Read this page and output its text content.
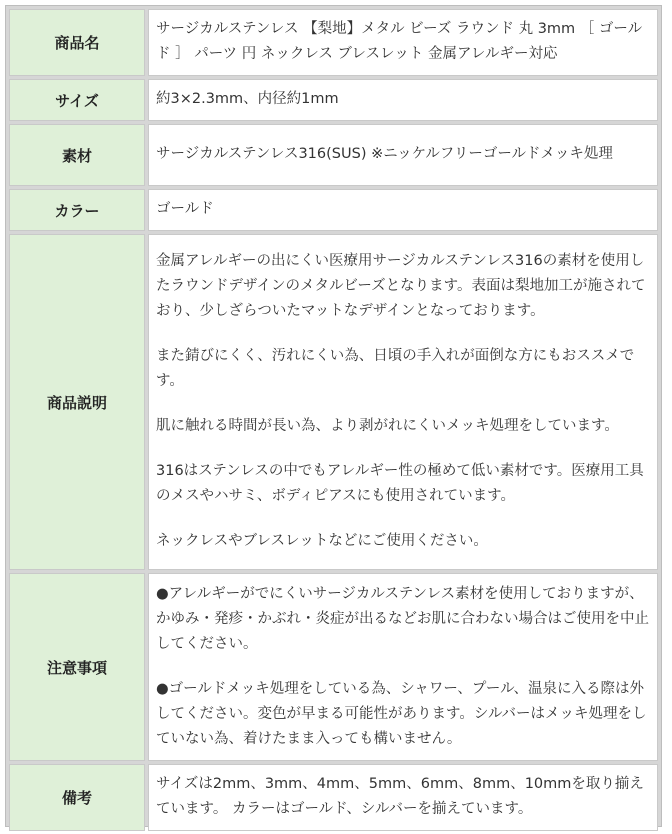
商品名		サージカルステンレス 【梨地】メタル ビーズ ラウンド 丸 3mm ［ ゴールド ］ パーツ 円 ネックレス ブレスレット 金属アレルギー対応

サイズ		約3×2.3mm、内径約1mm

素材		サージカルステンレス316(SUS) ※ニッケルフリーゴールドメッキ処理

カラー		ゴールド

商品説明		金属アレルギーの出にくい医療用サージカルステンレス316の素材を使用したラウンドデザインのメタルビーズとなります。表面は梨地加工が施されており、少しざらついたマットなデザインとなっております。

また錆びにくく、汚れにくい為、日頃の手入れが面倒な方にもおススメです。

肌に触れる時間が長い為、より剥がれにくいメッキ処理をしています。

316はステンレスの中でもアレルギー性の極めて低い素材です。医療用工具のメスやハサミ、ボディピアスにも使用されています。

ネックレスやブレスレットなどにご使用ください。

注意事項		●アレルギーがでにくいサージカルステンレス素材を使用しておりますが、かゆみ・発疹・かぶれ・炎症が出るなどお肌に合わない場合はご使用を中止してください。

●ゴールドメッキ処理をしている為、シャワー、プール、温泉に入る際は外してください。変色が早まる可能性があります。シルバーはメッキ処理をしていない為、着けたまま入っても構いません。

備考		サイズは2mm、3mm、4mm、5mm、6mm、8mm、10mmを取り揃えています。 カラーはゴールド、シルバーを揃えています。
